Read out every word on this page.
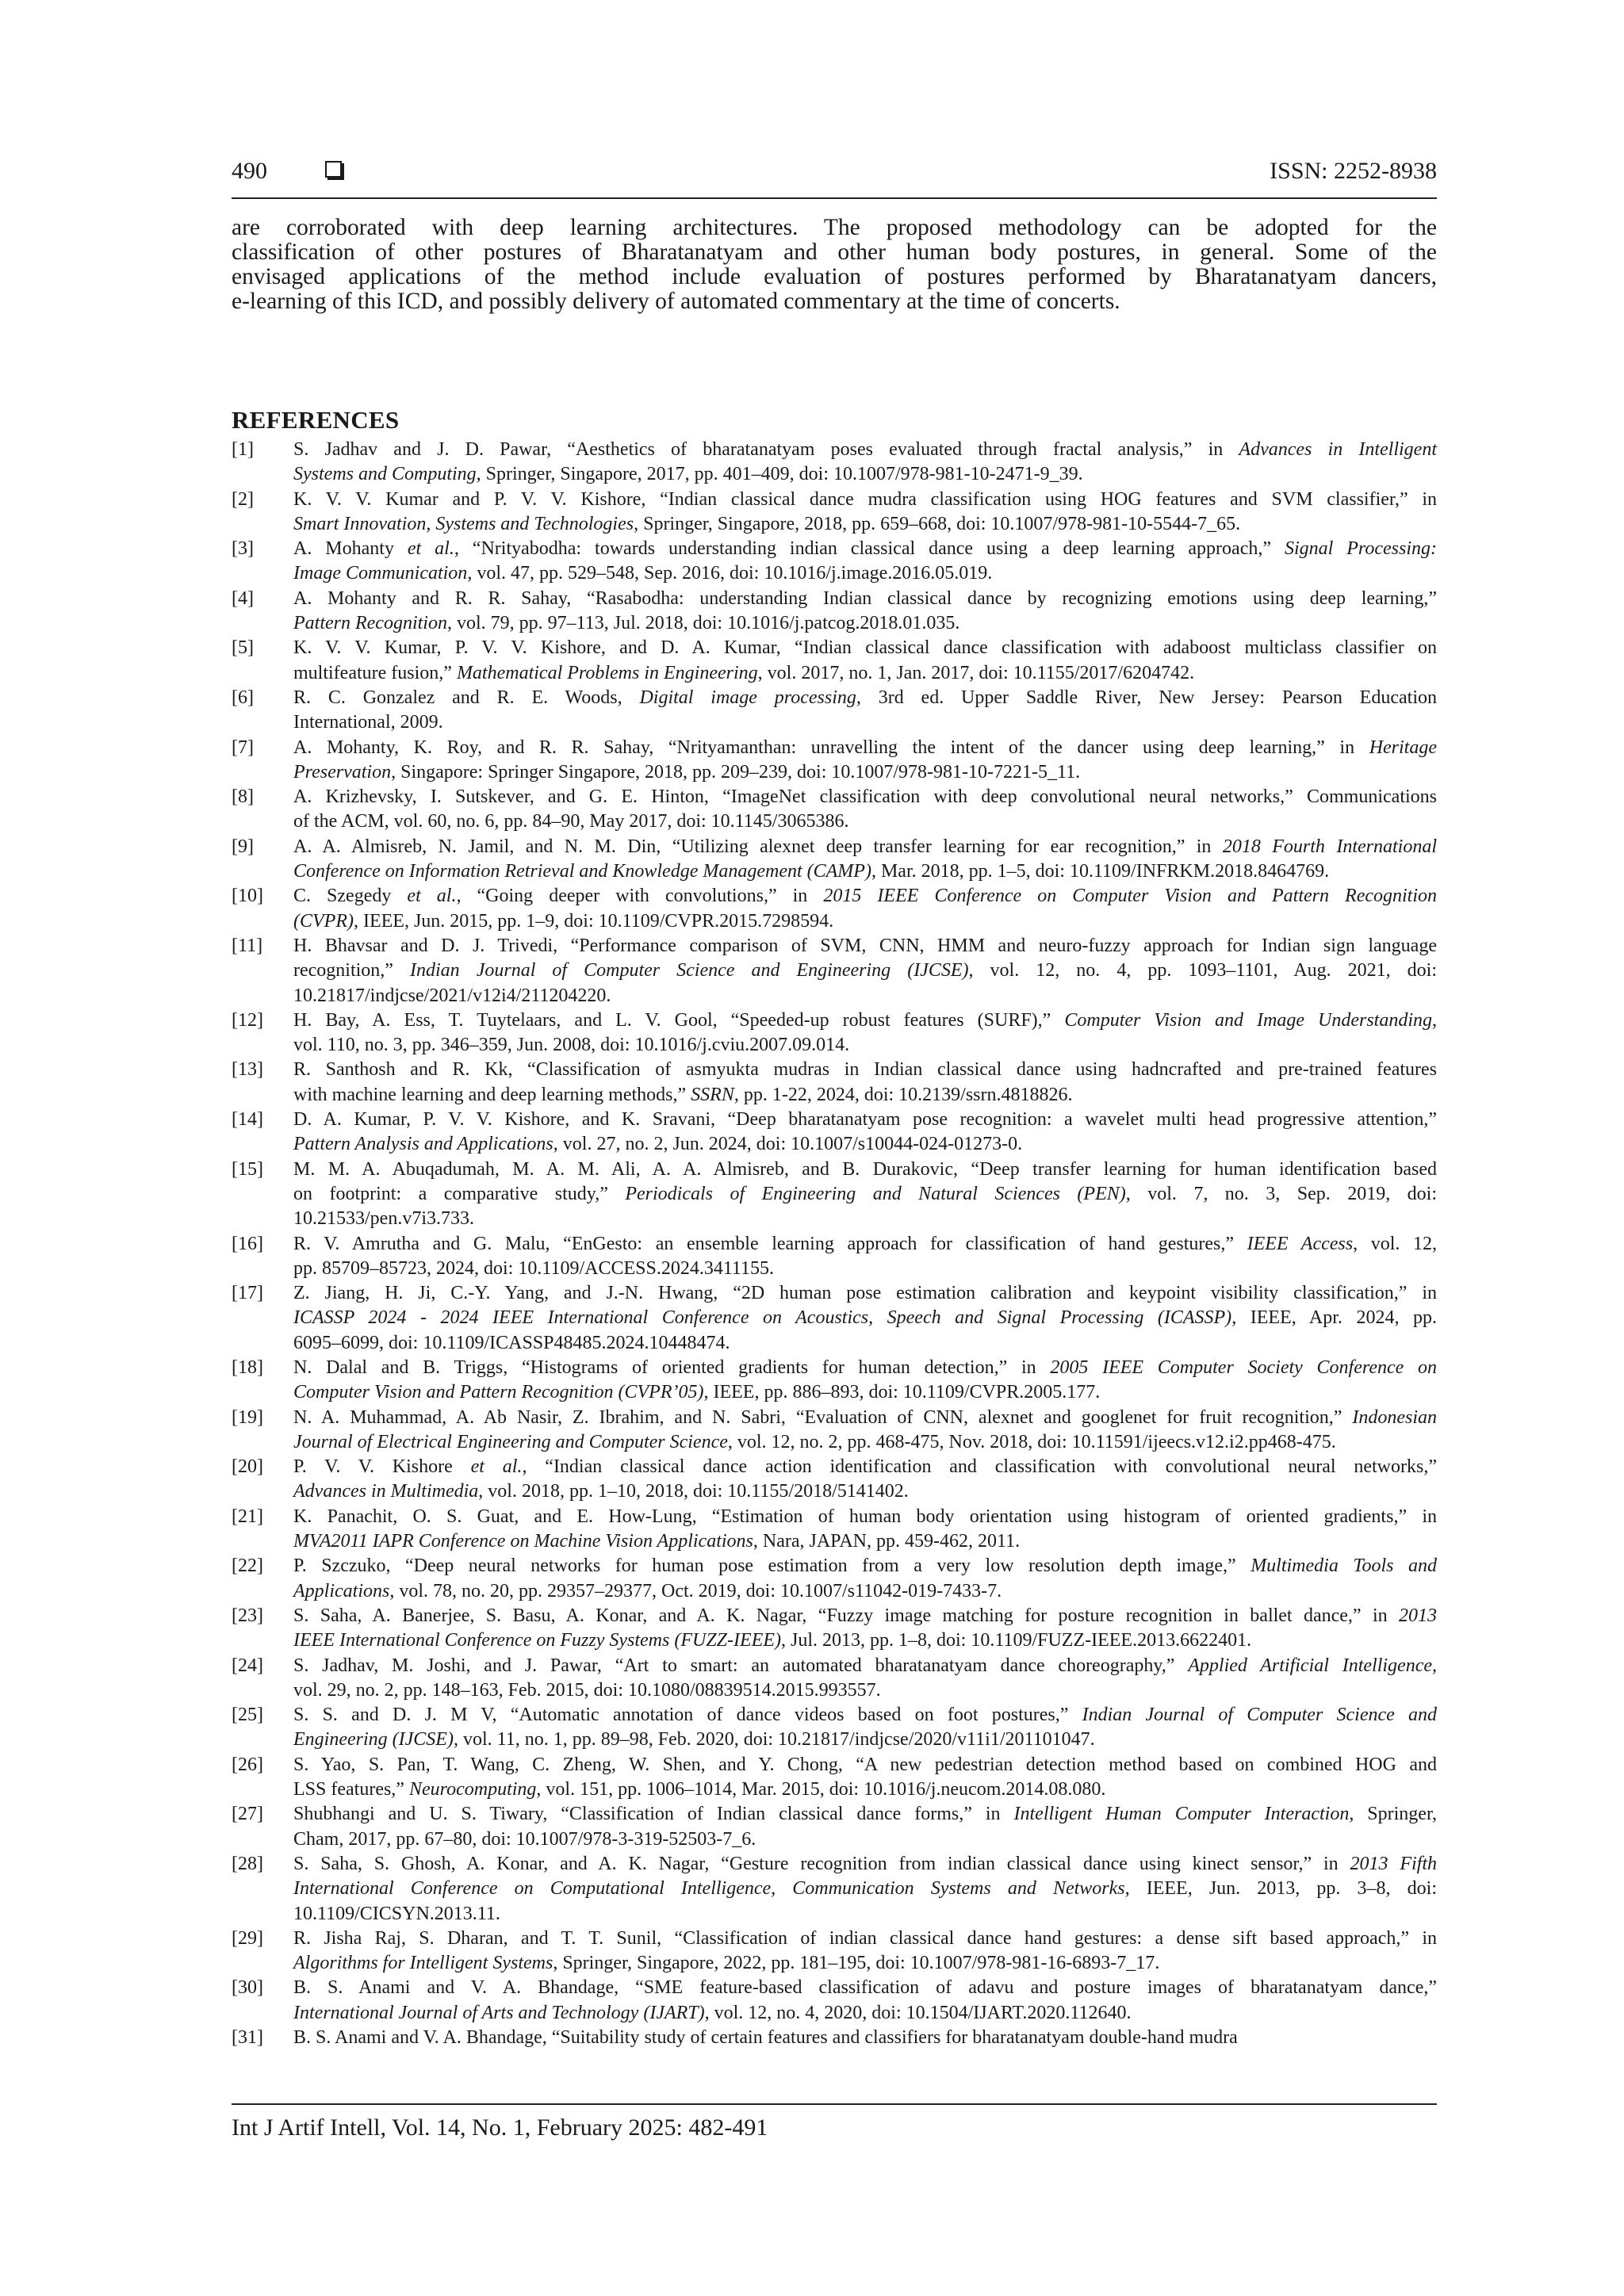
490	ISSN: 2252-8938
are corroborated with deep learning architectures. The proposed methodology can be adopted for the
classification of other postures of Bharatanatyam and other human body postures, in general. Some of the
envisaged applications of the method include evaluation of postures performed by Bharatanatyam dancers,
e-learning of this ICD, and possibly delivery of automated commentary at the time of concerts.
REFERENCES
[1] S. Jadhav and J. D. Pawar, “Aesthetics of bharatanatyam poses evaluated through fractal analysis,” in Advances in Intelligent
Systems and Computing, Springer, Singapore, 2017, pp. 401–409, doi: 10.1007/978-981-10-2471-9_39.
[2] K. V. V. Kumar and P. V. V. Kishore, “Indian classical dance mudra classification using HOG features and SVM classifier,” in
Smart Innovation, Systems and Technologies, Springer, Singapore, 2018, pp. 659–668, doi: 10.1007/978-981-10-5544-7_65.
[3] A. Mohanty et al., “Nrityabodha: towards understanding indian classical dance using a deep learning approach,” Signal Processing:
Image Communication, vol. 47, pp. 529–548, Sep. 2016, doi: 10.1016/j.image.2016.05.019.
[4] A. Mohanty and R. R. Sahay, “Rasabodha: understanding Indian classical dance by recognizing emotions using deep learning,”
Pattern Recognition, vol. 79, pp. 97–113, Jul. 2018, doi: 10.1016/j.patcog.2018.01.035.
[5] K. V. V. Kumar, P. V. V. Kishore, and D. A. Kumar, “Indian classical dance classification with adaboost multiclass classifier on
multifeature fusion,” Mathematical Problems in Engineering, vol. 2017, no. 1, Jan. 2017, doi: 10.1155/2017/6204742.
[6] R. C. Gonzalez and R. E. Woods, Digital image processing, 3rd ed. Upper Saddle River, New Jersey: Pearson Education
International, 2009.
[7] A. Mohanty, K. Roy, and R. R. Sahay, “Nrityamanthan: unravelling the intent of the dancer using deep learning,” in Heritage
Preservation, Singapore: Springer Singapore, 2018, pp. 209–239, doi: 10.1007/978-981-10-7221-5_11.
[8] A. Krizhevsky, I. Sutskever, and G. E. Hinton, “ImageNet classification with deep convolutional neural networks,” Communications
of the ACM, vol. 60, no. 6, pp. 84–90, May 2017, doi: 10.1145/3065386.
[9] A. A. Almisreb, N. Jamil, and N. M. Din, “Utilizing alexnet deep transfer learning for ear recognition,” in 2018 Fourth International
Conference on Information Retrieval and Knowledge Management (CAMP), Mar. 2018, pp. 1–5, doi: 10.1109/INFRKM.2018.8464769.
[10] C. Szegedy et al., “Going deeper with convolutions,” in 2015 IEEE Conference on Computer Vision and Pattern Recognition
(CVPR), IEEE, Jun. 2015, pp. 1–9, doi: 10.1109/CVPR.2015.7298594.
[11] H. Bhavsar and D. J. Trivedi, “Performance comparison of SVM, CNN, HMM and neuro-fuzzy approach for Indian sign language
recognition,” Indian Journal of Computer Science and Engineering (IJCSE), vol. 12, no. 4, pp. 1093–1101, Aug. 2021, doi:
10.21817/indjcse/2021/v12i4/211204220.
[12] H. Bay, A. Ess, T. Tuytelaars, and L. V. Gool, “Speeded-up robust features (SURF),” Computer Vision and Image Understanding,
vol. 110, no. 3, pp. 346–359, Jun. 2008, doi: 10.1016/j.cviu.2007.09.014.
[13] R. Santhosh and R. Kk, “Classification of asmyukta mudras in Indian classical dance using hadncrafted and pre-trained features
with machine learning and deep learning methods,” SSRN, pp. 1-22, 2024, doi: 10.2139/ssrn.4818826.
[14] D. A. Kumar, P. V. V. Kishore, and K. Sravani, “Deep bharatanatyam pose recognition: a wavelet multi head progressive attention,”
Pattern Analysis and Applications, vol. 27, no. 2, Jun. 2024, doi: 10.1007/s10044-024-01273-0.
[15] M. M. A. Abuqadumah, M. A. M. Ali, A. A. Almisreb, and B. Durakovic, “Deep transfer learning for human identification based
on footprint: a comparative study,” Periodicals of Engineering and Natural Sciences (PEN), vol. 7, no. 3, Sep. 2019, doi:
10.21533/pen.v7i3.733.
[16] R. V. Amrutha and G. Malu, “EnGesto: an ensemble learning approach for classification of hand gestures,” IEEE Access, vol. 12,
pp. 85709–85723, 2024, doi: 10.1109/ACCESS.2024.3411155.
[17] Z. Jiang, H. Ji, C.-Y. Yang, and J.-N. Hwang, “2D human pose estimation calibration and keypoint visibility classification,” in
ICASSP 2024 - 2024 IEEE International Conference on Acoustics, Speech and Signal Processing (ICASSP), IEEE, Apr. 2024, pp.
6095–6099, doi: 10.1109/ICASSP48485.2024.10448474.
[18] N. Dalal and B. Triggs, “Histograms of oriented gradients for human detection,” in 2005 IEEE Computer Society Conference on
Computer Vision and Pattern Recognition (CVPR’05), IEEE, pp. 886–893, doi: 10.1109/CVPR.2005.177.
[19] N. A. Muhammad, A. Ab Nasir, Z. Ibrahim, and N. Sabri, “Evaluation of CNN, alexnet and googlenet for fruit recognition,” Indonesian
Journal of Electrical Engineering and Computer Science, vol. 12, no. 2, pp. 468-475, Nov. 2018, doi: 10.11591/ijeecs.v12.i2.pp468-475.
[20] P. V. V. Kishore et al., “Indian classical dance action identification and classification with convolutional neural networks,”
Advances in Multimedia, vol. 2018, pp. 1–10, 2018, doi: 10.1155/2018/5141402.
[21] K. Panachit, O. S. Guat, and E. How-Lung, “Estimation of human body orientation using histogram of oriented gradients,” in
MVA2011 IAPR Conference on Machine Vision Applications, Nara, JAPAN, pp. 459-462, 2011.
[22] P. Szczuko, “Deep neural networks for human pose estimation from a very low resolution depth image,” Multimedia Tools and
Applications, vol. 78, no. 20, pp. 29357–29377, Oct. 2019, doi: 10.1007/s11042-019-7433-7.
[23] S. Saha, A. Banerjee, S. Basu, A. Konar, and A. K. Nagar, “Fuzzy image matching for posture recognition in ballet dance,” in 2013
IEEE International Conference on Fuzzy Systems (FUZZ-IEEE), Jul. 2013, pp. 1–8, doi: 10.1109/FUZZ-IEEE.2013.6622401.
[24] S. Jadhav, M. Joshi, and J. Pawar, “Art to smart: an automated bharatanatyam dance choreography,” Applied Artificial Intelligence,
vol. 29, no. 2, pp. 148–163, Feb. 2015, doi: 10.1080/08839514.2015.993557.
[25] S. S. and D. J. M V, “Automatic annotation of dance videos based on foot postures,” Indian Journal of Computer Science and
Engineering (IJCSE), vol. 11, no. 1, pp. 89–98, Feb. 2020, doi: 10.21817/indjcse/2020/v11i1/201101047.
[26] S. Yao, S. Pan, T. Wang, C. Zheng, W. Shen, and Y. Chong, “A new pedestrian detection method based on combined HOG and
LSS features,” Neurocomputing, vol. 151, pp. 1006–1014, Mar. 2015, doi: 10.1016/j.neucom.2014.08.080.
[27] Shubhangi and U. S. Tiwary, “Classification of Indian classical dance forms,” in Intelligent Human Computer Interaction, Springer,
Cham, 2017, pp. 67–80, doi: 10.1007/978-3-319-52503-7_6.
[28] S. Saha, S. Ghosh, A. Konar, and A. K. Nagar, “Gesture recognition from indian classical dance using kinect sensor,” in 2013 Fifth
International Conference on Computational Intelligence, Communication Systems and Networks, IEEE, Jun. 2013, pp. 3–8, doi:
10.1109/CICSYN.2013.11.
[29] R. Jisha Raj, S. Dharan, and T. T. Sunil, “Classification of indian classical dance hand gestures: a dense sift based approach,” in
Algorithms for Intelligent Systems, Springer, Singapore, 2022, pp. 181–195, doi: 10.1007/978-981-16-6893-7_17.
[30] B. S. Anami and V. A. Bhandage, “SME feature-based classification of adavu and posture images of bharatanatyam dance,”
International Journal of Arts and Technology (IJART), vol. 12, no. 4, 2020, doi: 10.1504/IJART.2020.112640.
[31] B. S. Anami and V. A. Bhandage, “Suitability study of certain features and classifiers for bharatanatyam double-hand mudra
Int J Artif Intell, Vol. 14, No. 1, February 2025: 482-491
